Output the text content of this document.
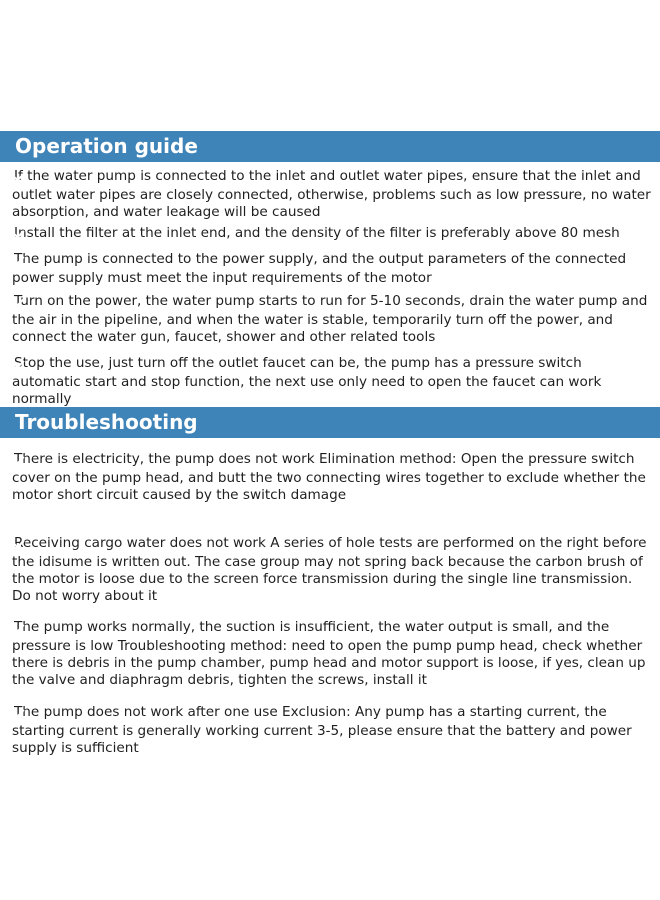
Operation guide

If the water pump is connected to the inlet and outlet water pipes, ensure that the inlet and outlet water pipes are closely connected, otherwise, problems such as low pressure, no water absorption, and water leakage will be caused

Install the filter at the inlet end, and the density of the filter is preferably above 80 mesh

The pump is connected to the power supply, and the output parameters of the connected power supply must meet the input requirements of the motor

Turn on the power, the water pump starts to run for 5-10 seconds, drain the water pump and the air in the pipeline, and when the water is stable, temporarily turn off the power, and connect the water gun, faucet, shower and other related tools

Stop the use, just turn off the outlet faucet can be, the pump has a pressure switch automatic start and stop function, the next use only need to open the faucet can work normally

Troubleshooting
There is electricity, the pump does not work Elimination method: Open the pressure switch cover on the pump head, and butt the two connecting wires together to exclude whether the motor short circuit caused by the switch damage
Receiving cargo water does not work A series of hole tests are performed on the right before the idisume is written out. The case group may not spring back because the carbon brush of the motor is loose due to the screen force transmission during the single line transmission. Do not worry about it
The pump works normally, the suction is insufficient, the water output is small, and the pressure is low Troubleshooting method: need to open the pump pump head, check whether there is debris in the pump chamber, pump head and motor support is loose, if yes, clean up the valve and diaphragm debris, tighten the screws, install it
The pump does not work after one use Exclusion: Any pump has a starting current, the starting current is generally working current 3-5, please ensure that the battery and power supply is sufficient
